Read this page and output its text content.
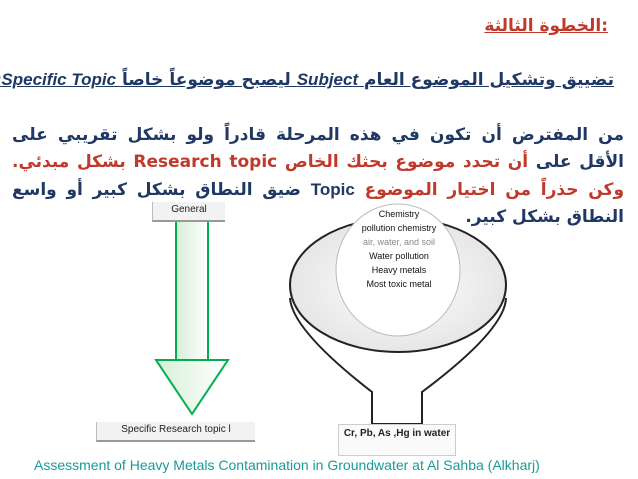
:الخطوة الثالثة
تضييق وتشكيل الموضوع العام Subject ليصبح موضوعاً خاصاً Specific Topic
من المفترض أن تكون في هذه المرحلة قادراً ولو بشكل تقريبي على الأقل على أن تحدد موضوع بحثك الخاص Research topic بشكل مبدئي. وكن حذراً من اختيار الموضوع Topic ضيق النطاق بشكل كبير أو واسع النطاق بشكل كبير.
General
Specific Research topic l
Chemistry
pollution chemistry
air, water, and soil
Water pollution
Heavy metals
Most toxic metal
Cr, Pb, As ,Hg in water
Assessment of Heavy Metals Contamination in Groundwater at Al Sahba (Alkharj)
